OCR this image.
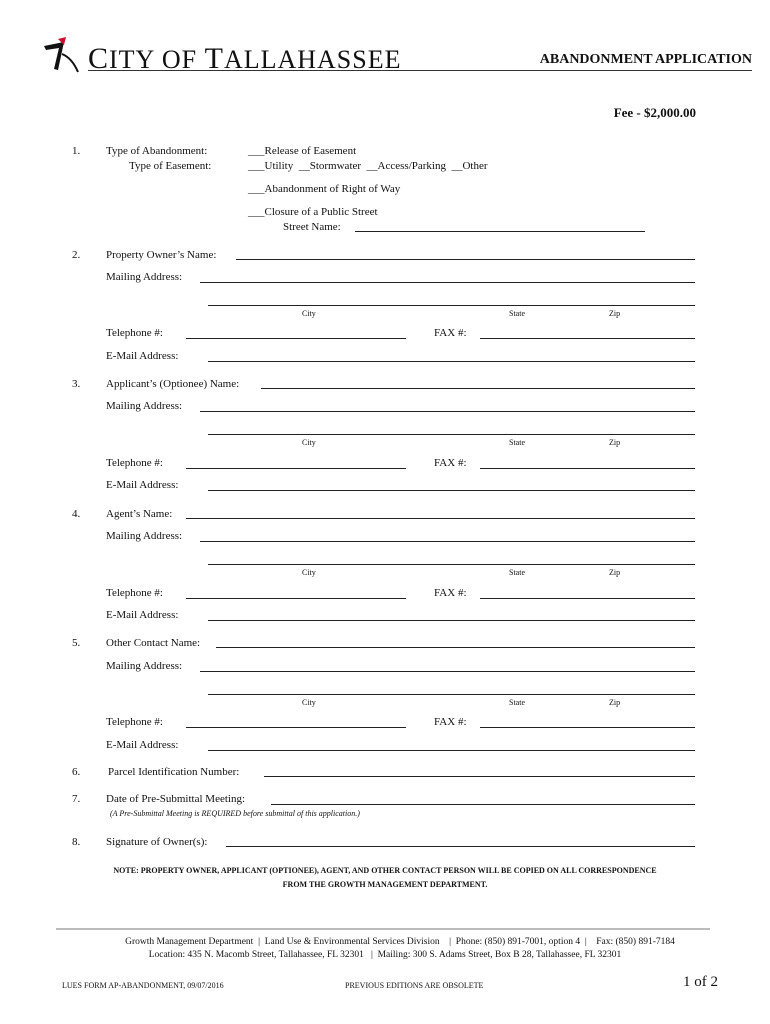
CITY OF TALLAHASSEE	ABANDONMENT APPLICATION
Fee - $2,000.00
1. Type of Abandonment:
Type of Easement:
___Release of Easement
___Utility  __Stormwater  __Access/Parking  __Other
___Abandonment of Right of Way
___Closure of a Public Street
Street Name:
2. Property Owner’s Name:
Mailing Address:
City	State	Zip
Telephone #:	FAX #:
E-Mail Address:
3. Applicant’s (Optionee) Name:
Mailing Address:
City	State	Zip
Telephone #:	FAX #:
E-Mail Address:
4. Agent’s Name:
Mailing Address:
City	State	Zip
Telephone #:	FAX #:
E-Mail Address:
5. Other Contact Name:
Mailing Address:
City	State	Zip
Telephone #:	FAX #:
E-Mail Address:
6.	Parcel Identification Number:
7. Date of Pre-Submittal Meeting:
(A Pre-Submittal Meeting is REQUIRED before submittal of this application.)
8. Signature of Owner(s):
NOTE: PROPERTY OWNER, APPLICANT (OPTIONEE), AGENT, AND OTHER CONTACT PERSON WILL BE COPIED ON ALL CORRESPONDENCE
FROM THE GROWTH MANAGEMENT DEPARTMENT.
Growth Management Department  |  Land Use & Environmental Services Division    |  Phone: (850) 891-7001, option 4  |    Fax: (850) 891-7184
Location: 435 N. Macomb Street, Tallahassee, FL 32301   |  Mailing: 300 S. Adams Street, Box B 28, Tallahassee, FL 32301
LUES FORM AP-ABANDONMENT, 09/07/2016	PREVIOUS EDITIONS ARE OBSOLETE	1 of 2
